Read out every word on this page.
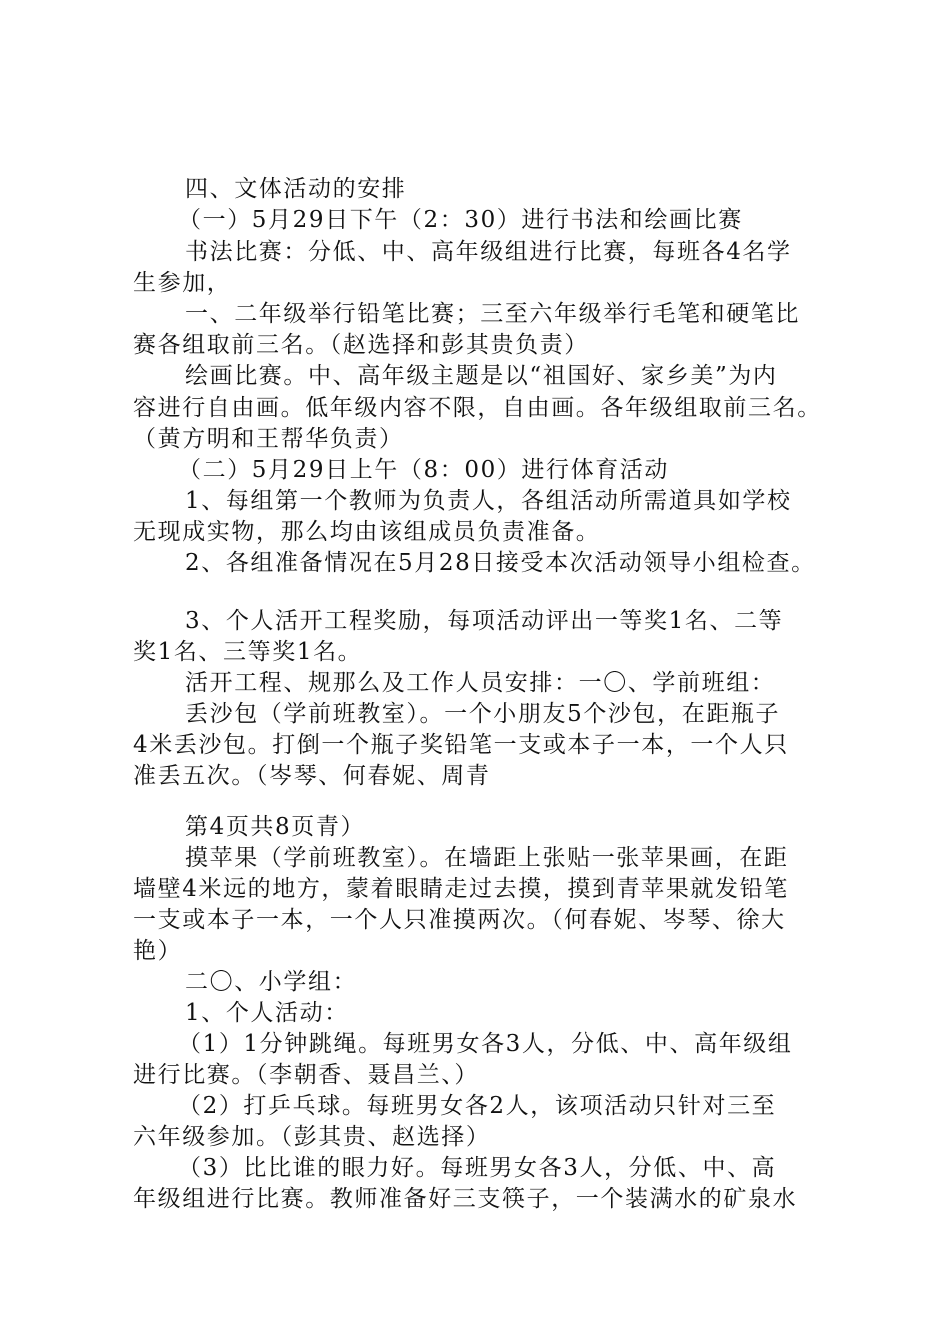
四、文体活动的安排
（一）5月29日下午（2：30）进行书法和绘画比赛
书法比赛：分低、中、高年级组进行比赛，每班各4名学
生参加，
一、二年级举行铅笔比赛；三至六年级举行毛笔和硬笔比
赛各组取前三名。（赵选择和彭其贵负责）
绘画比赛。中、高年级主题是以“祖国好、家乡美”为内
容进行自由画。低年级内容不限，自由画。各年级组取前三名。
（黄方明和王帮华负责）
（二）5月29日上午（8：00）进行体育活动
1、每组第一个教师为负责人，各组活动所需道具如学校
无现成实物，那么均由该组成员负责准备。
2、各组准备情况在5月28日接受本次活动领导小组检查。
3、个人活开工程奖励，每项活动评出一等奖1名、二等
奖1名、三等奖1名。
活开工程、规那么及工作人员安排：一〇、学前班组：
丢沙包（学前班教室）。一个小朋友5个沙包，在距瓶子
4米丢沙包。打倒一个瓶子奖铅笔一支或本子一本，一个人只
准丢五次。（岑琴、何春妮、周青
第4页共8页青）
摸苹果（学前班教室）。在墙距上张贴一张苹果画，在距
墙壁4米远的地方，蒙着眼睛走过去摸，摸到青苹果就发铅笔
一支或本子一本，一个人只准摸两次。（何春妮、岑琴、徐大
艳）
二〇、小学组：
1、个人活动：
（1）1分钟跳绳。每班男女各3人，分低、中、高年级组
进行比赛。（李朝香、聂昌兰、）
（2）打乒乓球。每班男女各2人，该项活动只针对三至
六年级参加。（彭其贵、赵选择）
（3）比比谁的眼力好。每班男女各3人，分低、中、高
年级组进行比赛。教师准备好三支筷子，一个装满水的矿泉水
